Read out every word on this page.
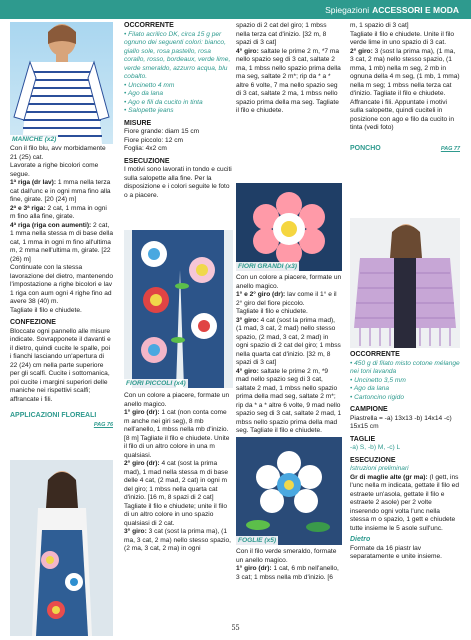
Spiegazioni ACCESSORI E MODA
MANICHE (x2)
FIORI PICCOLI (x4)
FIORI GRANDI (x3)
FOGLIE (x5)

Con il filo blu, avv morbidamente 21 (25) cat.

Lavorate a righe bicolori come segue.

1ª riga (dr lav): 1 mma nella terza cat dall'unc e in ogni mma fino alla fine, girate. [20 (24) m]

2ª e 3ª riga: 2 cat, 1 mma in ogni m fino alla fine, girate.

4ª riga (riga con aumenti): 2 cat, 1 mma nella stessa m di base della cat, 1 mma in ogni m fino all'ultima m, 2 mma nell'ultima m, girate. [22 (26) m]

Continuate con la stessa lavorazione del dietro, mantenendo l'impostazione a righe bicolori e lav 1 riga con aum ogni 4 righe fino ad avere 38 (40) m.

Tagliate il filo e chiudete.

CONFEZIONE

Bloccate ogni pannello alle misure indicate. Sovrapponete il davanti e il dietro, quindi cucite le spalle, poi i fianchi lasciando un'apertura di 22 (24) cm nella parte superiore per gli scalfi. Cucite i sottomanica, poi cucite i margini superiori delle maniche nei rispettivi scalfi; affrancate i fili.

APPLICAZIONI FLOREALI
PAG 76

OCCORRENTE

• Filato acrilico DK, circa 15 g per ognuno dei seguenti colori: bianco, giallo sole, rosa pastello, rosa corallo, rosso, bordeaux, verde lime, verde smeraldo, azzurro acqua, blu cobalto.

• Uncinetto 4 mm

• Ago da lana

• Ago e fili da cucito in tinta

• Salopette jeans

MISURE

Fiore grande: diam 15 cm

Fiore piccolo: 12 cm

Foglia: 4x2 cm

ESECUZIONE

I motivi sono lavorati in tondo e cuciti sulla salopette alla fine. Per la disposizione e i colori seguite le foto o a piacere.

Con un colore a piacere, formate un anello magico.

1° giro (dr): 1 cat (non conta come m anche nei giri seg), 8 mb nell'anello, 1 mbss nella mb d'inizio. [8 m] Tagliate il filo e chiudete. Unite il filo di un altro colore in una m qualsiasi.

2° giro (dr): 4 cat (sost la prima mad), 1 mad nella stessa m di base delle 4 cat, (2 mad, 2 cat) in ogni m del giro; 1 mbss nella quarta cat d'inizio. [16 m, 8 spazi di 2 cat]

Tagliate il filo e chiudete; unite il filo di un altro colore in uno spazio qualsiasi di 2 cat.

3° giro: 3 cat (sost la prima ma), (1 ma, 3 cat, 2 ma) nello stesso spazio, (2 ma, 3 cat, 2 ma) in ogni

spazio di 2 cat del giro; 1 mbss nella terza cat d'inizio. [32 m, 8 spazi di 3 cat]

4° giro: saltate le prime 2 m, *7 ma nello spazio seg di 3 cat, saltate 2 ma, 1 mbss nello spazio prima della ma seg, saltate 2 m*; rip da * a * altre 6 volte, 7 ma nello spazio seg di 3 cat, saltate 2 ma, 1 mbss nello spazio prima della ma seg. Tagliate il filo e chiudete.

Con un colore a piacere, formate un anello magico.

1° e 2° giro (dr): lav come il 1° e il 2° giro del fiore piccolo.

Tagliate il filo e chiudete.

3° giro: 4 cat (sost la prima mad), (1 mad, 3 cat, 2 mad) nello stesso spazio, (2 mad, 3 cat, 2 mad) in ogni spazio di 2 cat del giro; 1 mbss nella quarta cat d'inizio. [32 m, 8 spazi di 3 cat]

4° giro: saltate le prime 2 m, *9 mad nello spazio seg di 3 cat, saltate 2 mad, 1 mbss nello spazio prima della mad seg, saltate 2 m*; rip da * a * altre 6 volte, 9 mad nello spazio seg di 3 cat, saltate 2 mad, 1 mbss nello spazio prima della mad seg. Tagliate il filo e chiudete.

Con il filo verde smeraldo, formate un anello magico.

1° giro (dr): 1 cat, 6 mb nell'anello, 3 cat; 1 mbss nella mb d'inizio. [6

m, 1 spazio di 3 cat]

Tagliate il filo e chiudete. Unite il filo verde lime in uno spazio di 3 cat.

2° giro: 3 (sost la prima ma), (1 ma, 3 cat, 2 ma) nello stesso spazio, (1 mma, 1 mb) nella m seg, 2 mb in ognuna della 4 m seg, (1 mb, 1 mma) nella m seg; 1 mbss nella terza cat d'inizio. Tagliate il filo e chiudete.

Affrancate i fili. Appuntate i motivi sulla salopette, quindi cuciteli in posizione con ago e filo da cucito in tinta (vedi foto)

PONCHO	PAG 77

OCCORRENTE

• 450 g di filato misto cotone mélange nei toni lavanda

• Uncinetto 3,5 mm

• Ago da lana

• Cartoncino rigido

CAMPIONE

Piastrella = -a) 13x13 -b) 14x14 -c) 15x15 cm

TAGLIE

-a) S, -b) M, -c) L

ESECUZIONE

Istruzioni preliminari

Gr di maglie alte (gr ma): (I gett, ins l'unc nella m indicata, gettate il filo ed estraete un'asola, gettate il filo e estraete 2 asole) per 2 volte inserendo ogni volta l'unc nella stessa m o spazio, 1 gett e chiudete tutte insieme le 5 asole sull'unc.

Dietro

Formate da 16 piastr lav separatamente e unite insieme.

55
